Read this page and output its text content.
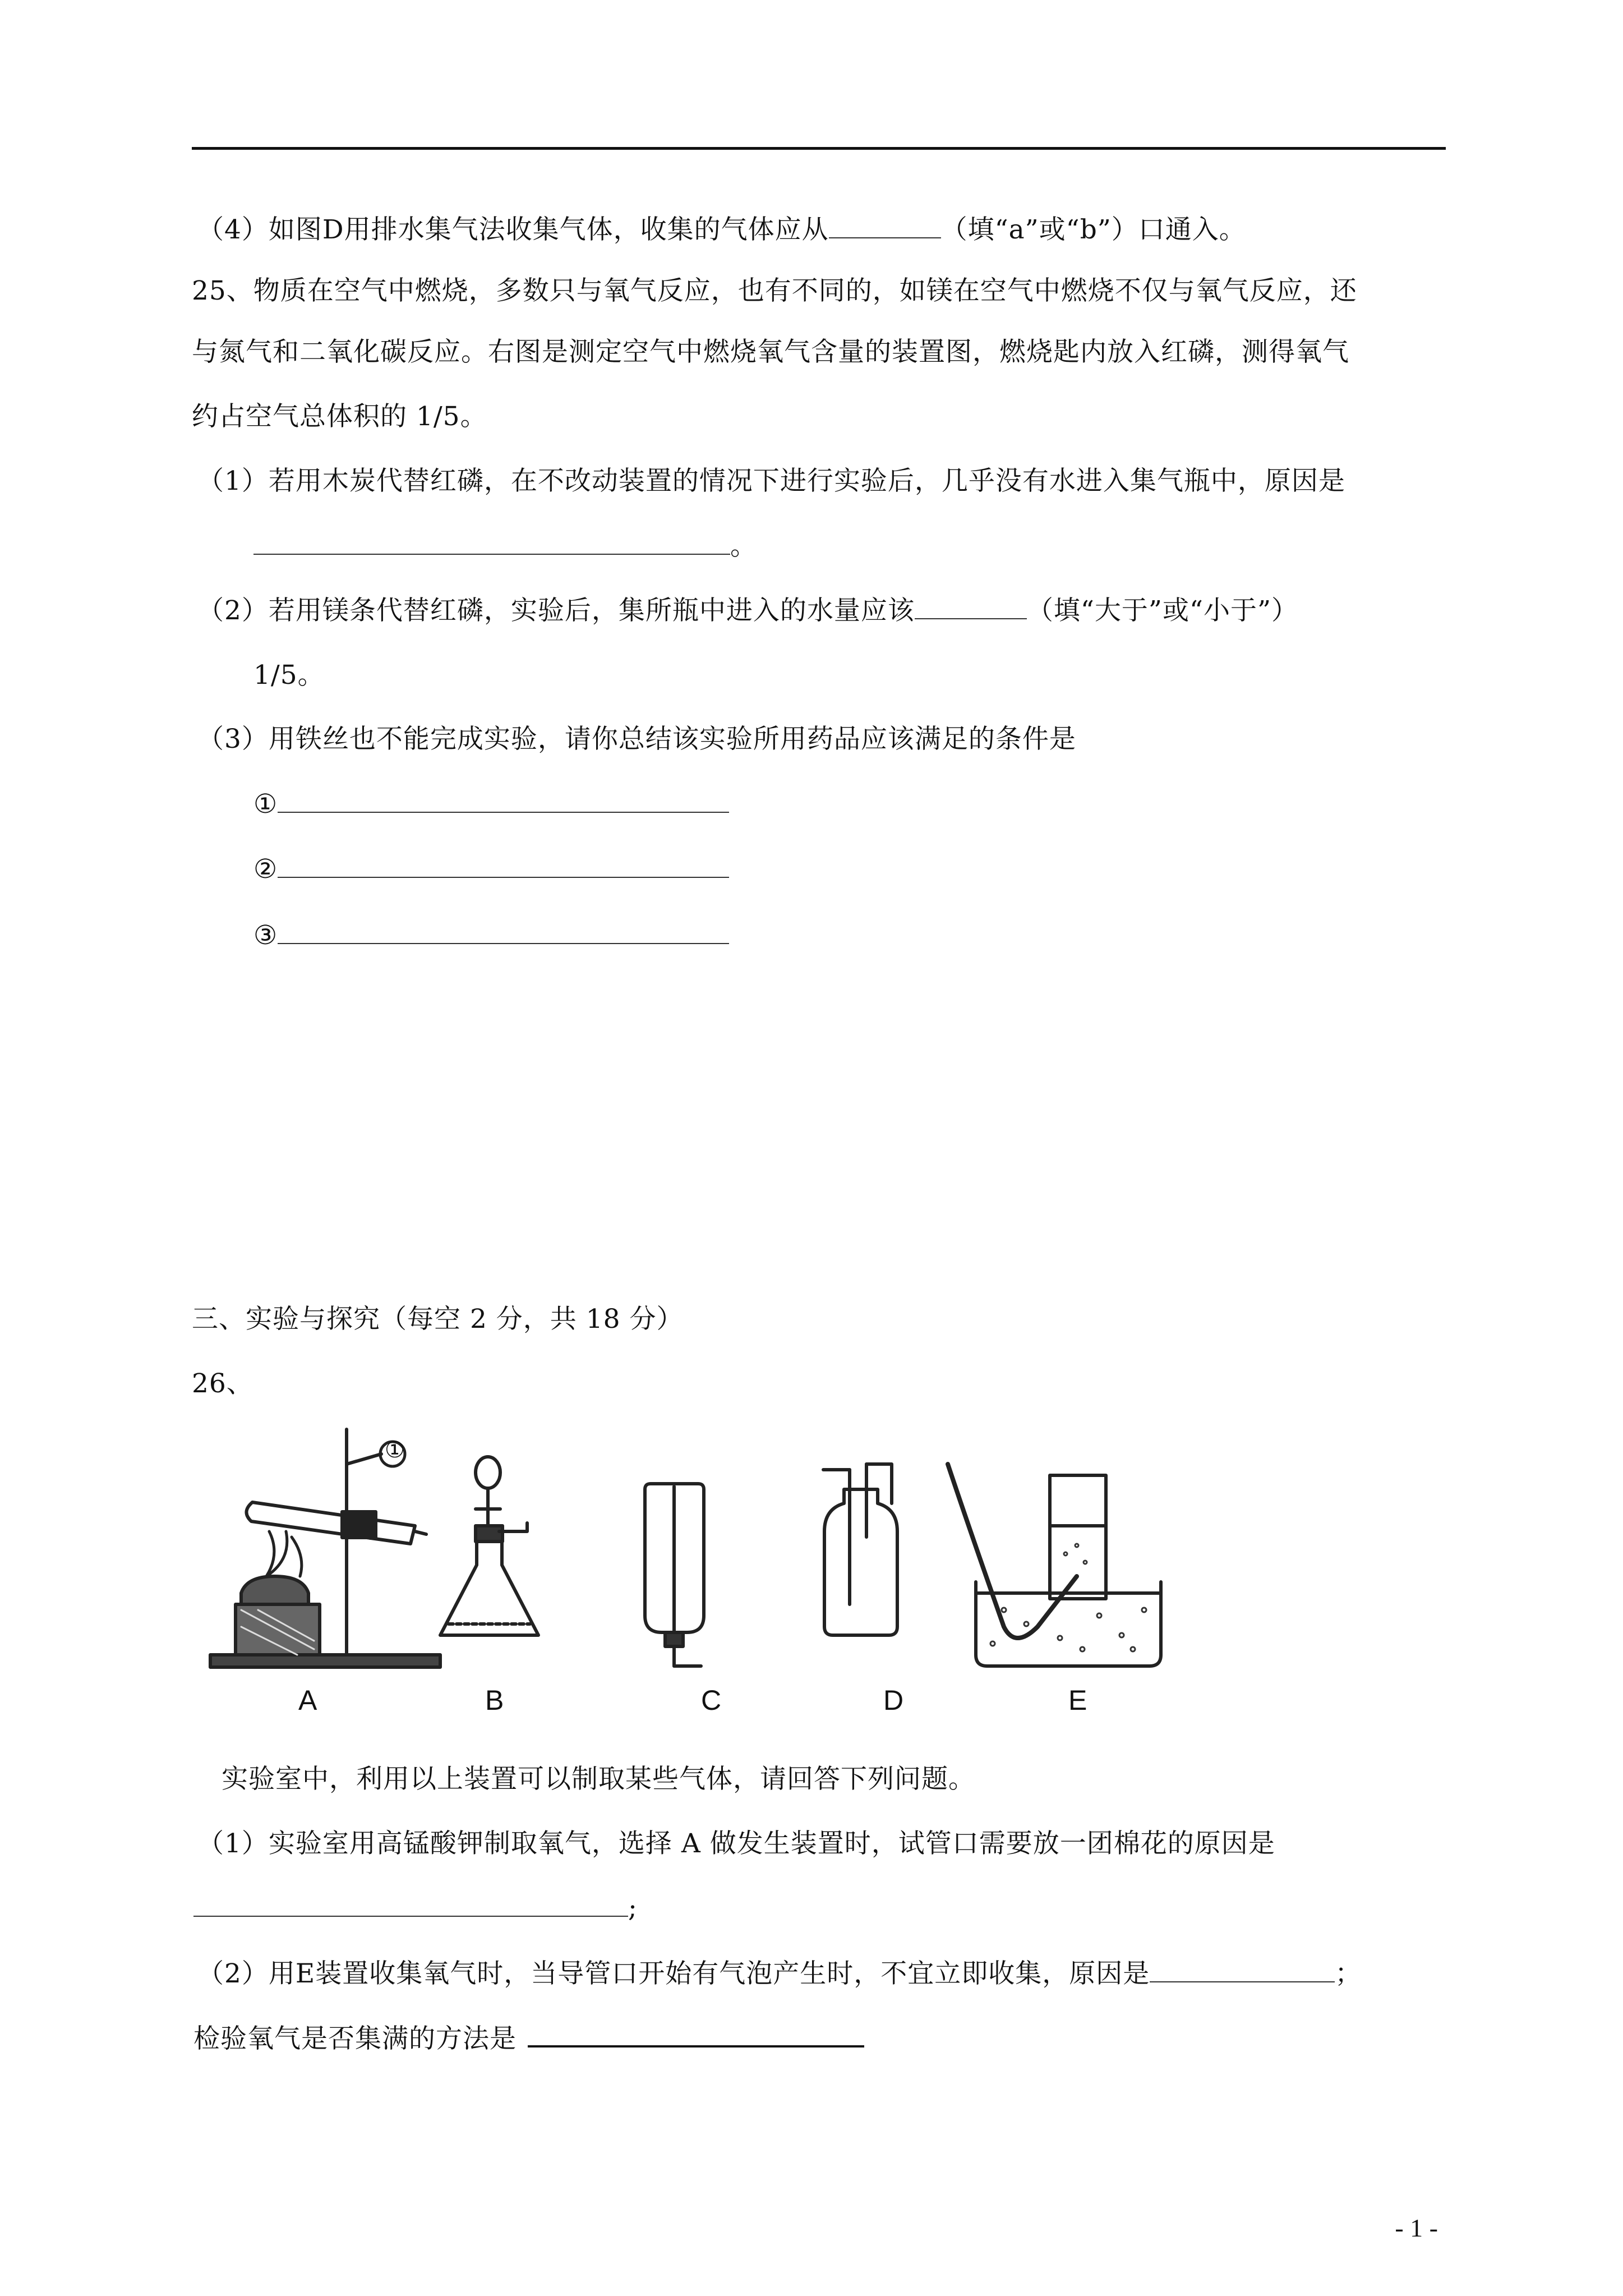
（4）如图D用排水集气法收集气体，收集的气体应从	（填“a”或“b”）口通入。
25、物质在空气中燃烧，多数只与氧气反应，也有不同的，如镁在空气中燃烧不仅与氧气反应，还
与氮气和二氧化碳反应。右图是测定空气中燃烧氧气含量的装置图，燃烧匙内放入红磷，测得氧气
约占空气总体积的 1/5。
（1）若用木炭代替红磷，在不改动装置的情况下进行实验后，几乎没有水进入集气瓶中，原因是
。
（2）若用镁条代替红磷，实验后，集所瓶中进入的水量应该	（填“大于”或“小于”）
1/5。
（3）用铁丝也不能完成实验，请你总结该实验所用药品应该满足的条件是
①
②
③
三、实验与探究（每空 2 分，共 18 分）
26、
A	B	C	D	E
①
实验室中，利用以上装置可以制取某些气体，请回答下列问题。
（1）实验室用高锰酸钾制取氧气，选择 A 做发生装置时，试管口需要放一团棉花的原因是
;
（2）用E装置收集氧气时，当导管口开始有气泡产生时，不宜立即收集，原因是	；
检验氧气是否集满的方法是
- 1 -
